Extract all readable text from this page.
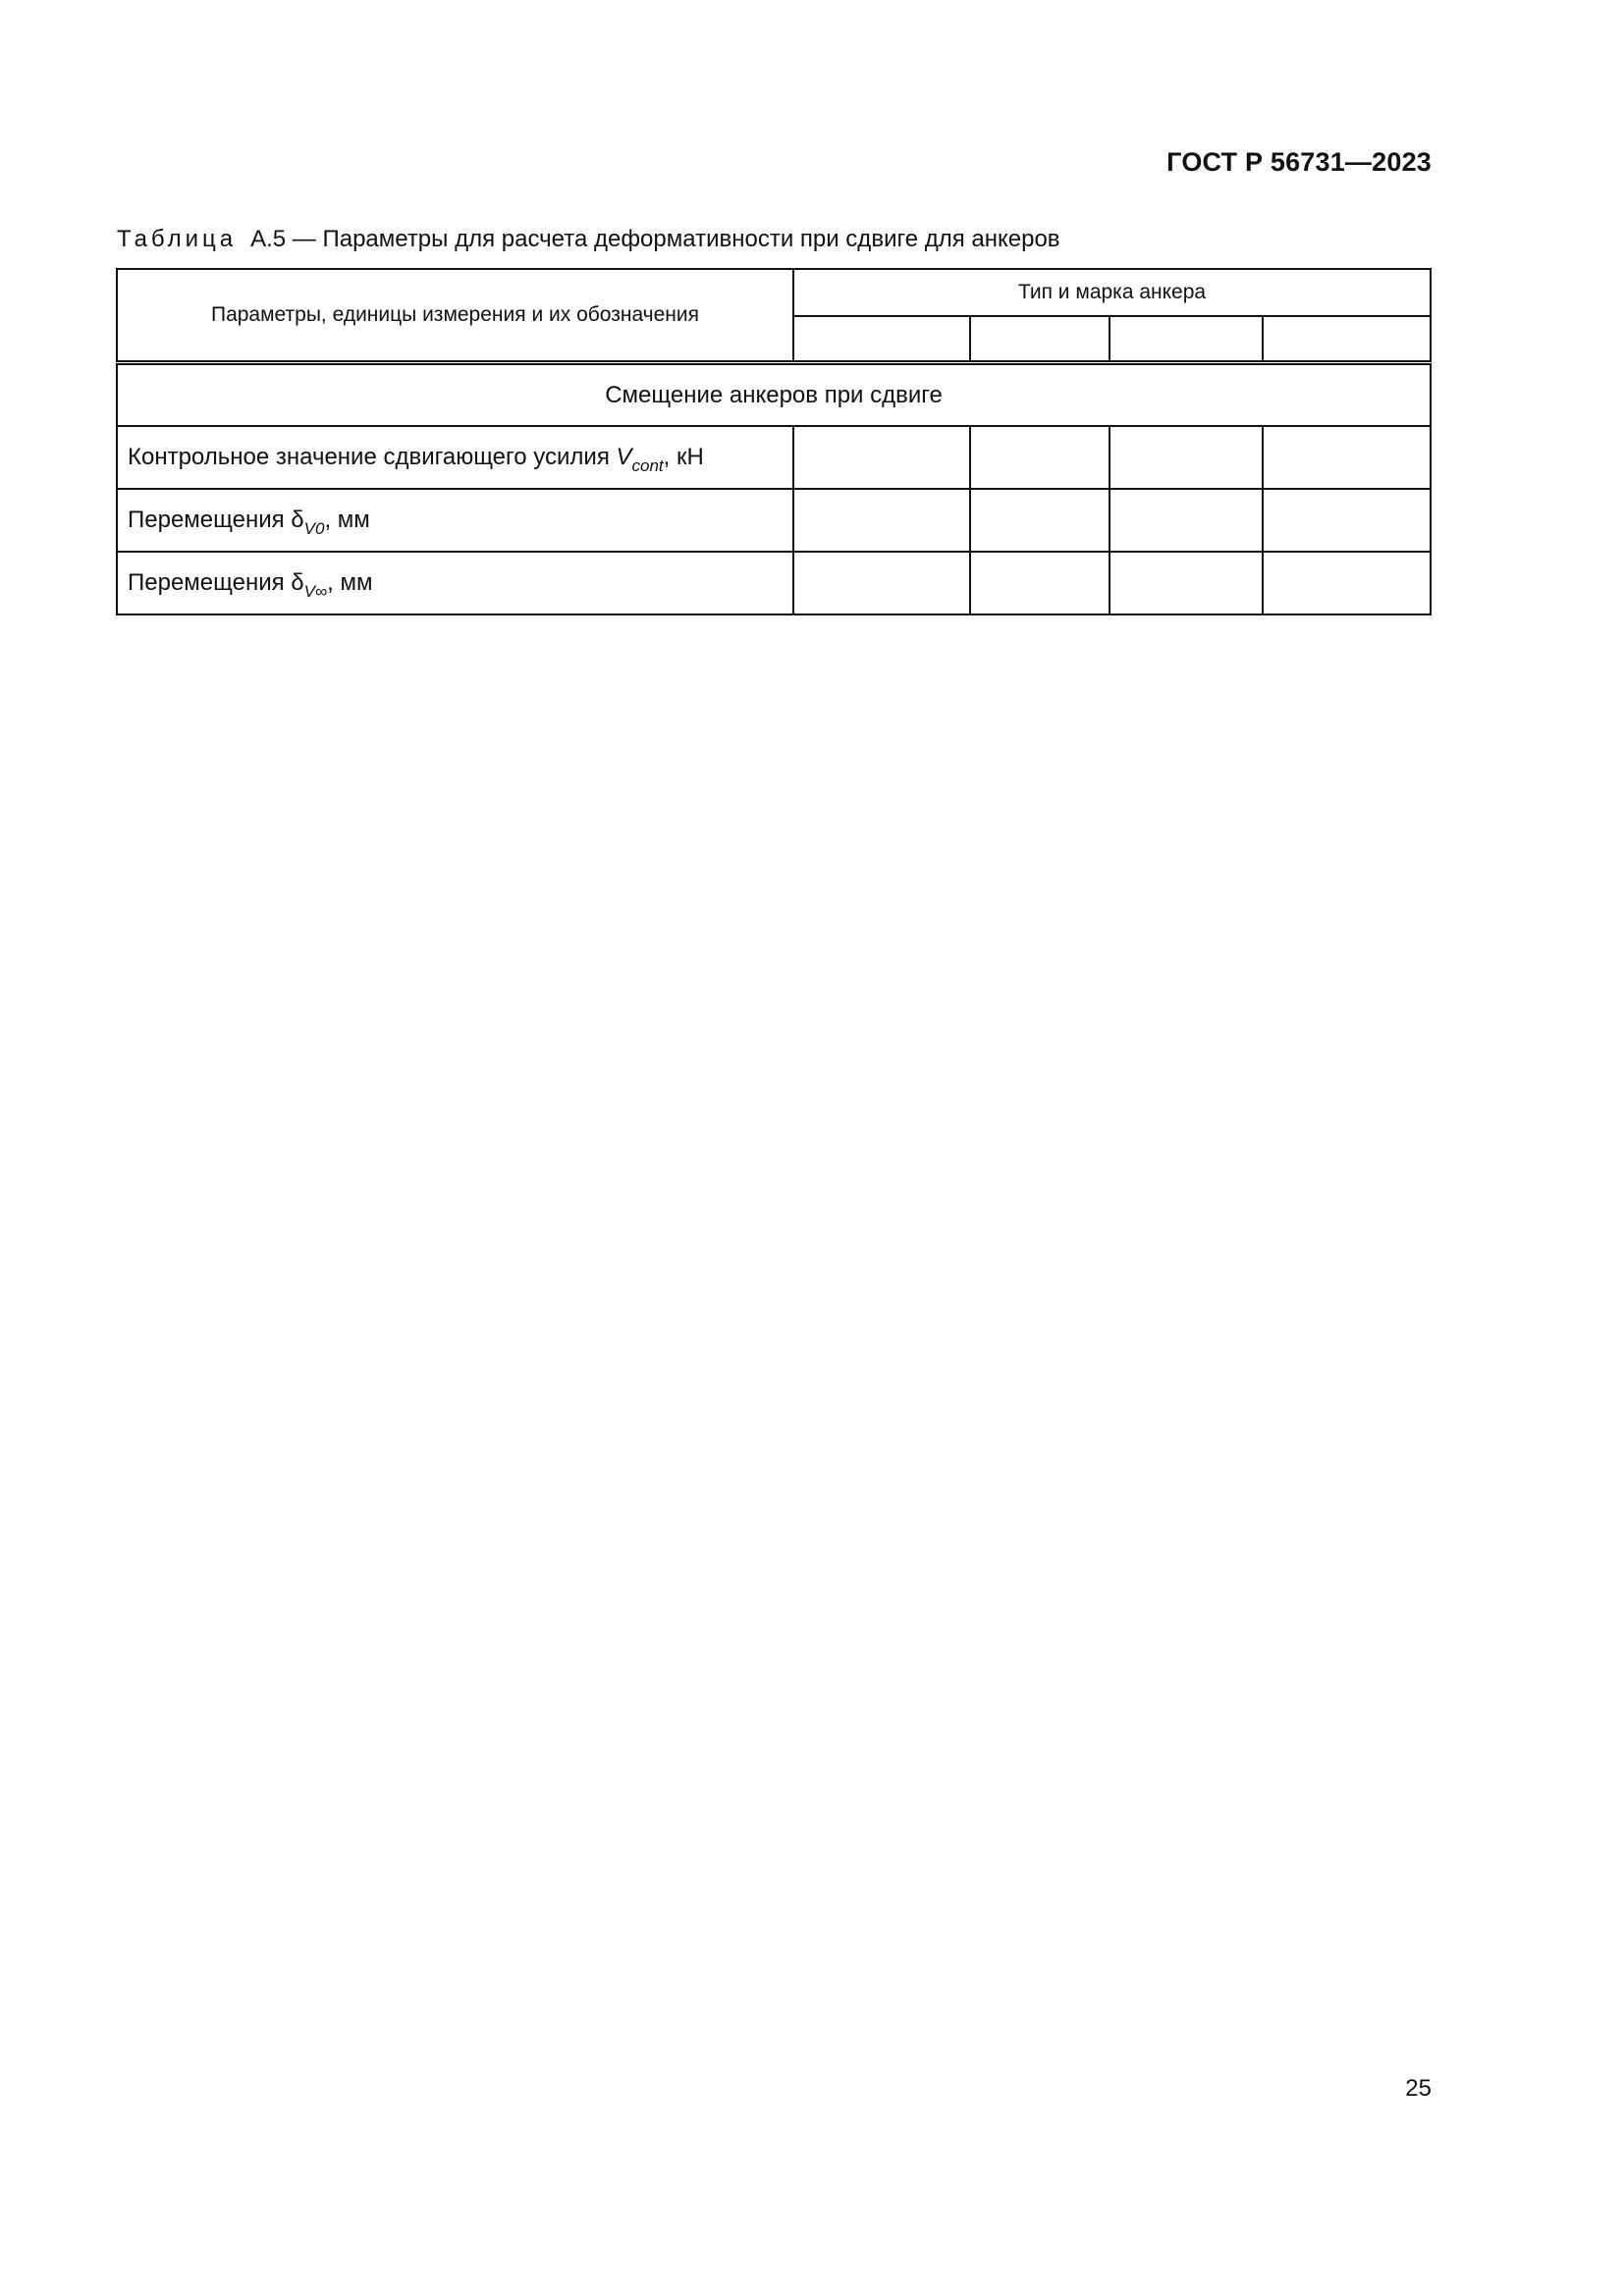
ГОСТ Р 56731—2023
Таблица А.5 — Параметры для расчета деформативности при сдвиге для анкеров
Параметры, единицы измерения и их обозначения	Тип и марка анкера			

Смещение анкеров при сдвиге				
Контрольное значение сдвигающего усилия $V_{cont}$, кН				
Перемещения $\delta_{V0}$, мм				
Перемещения $\delta_{V\infty}$, мм				
25
